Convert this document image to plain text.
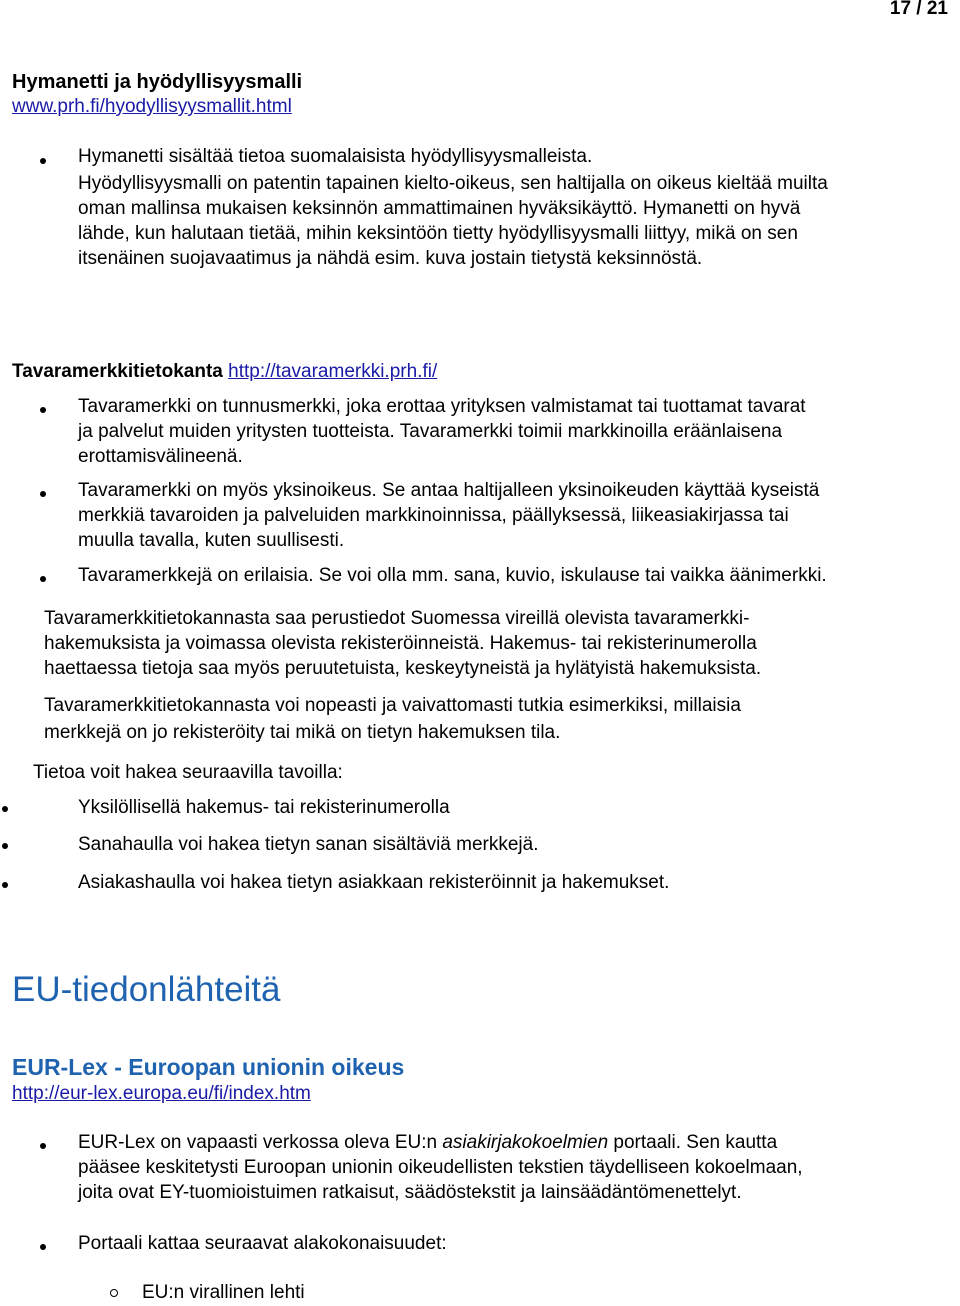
17 / 21
Hymanetti ja hyödyllisyysmalli
www.prh.fi/hyodyllisyysmallit.html
Hymanetti sisältää tietoa suomalaisista hyödyllisyysmalleista.
Hyödyllisyysmalli on patentin tapainen kielto-oikeus, sen haltijalla on oikeus kieltää muilta
oman mallinsa mukaisen keksinnön ammattimainen hyväksikäyttö. Hymanetti on hyvä
lähde, kun halutaan tietää, mihin keksintöön tietty hyödyllisyysmalli liittyy, mikä on sen
itsenäinen suojavaatimus ja nähdä esim. kuva jostain tietystä keksinnöstä.
Tavaramerkkitietokanta http://tavaramerkki.prh.fi/
Tavaramerkki on tunnusmerkki, joka erottaa yrityksen valmistamat tai tuottamat tavarat
ja palvelut muiden yritysten tuotteista. Tavaramerkki toimii markkinoilla eräänlaisena
erottamisvälineenä.
Tavaramerkki on myös yksinoikeus. Se antaa haltijalleen yksinoikeuden käyttää kyseistä
merkkiä tavaroiden ja palveluiden markkinoinnissa, päällyksessä, liikeasiakirjassa tai
muulla tavalla, kuten suullisesti.
Tavaramerkkejä on erilaisia. Se voi olla mm. sana, kuvio, iskulause tai vaikka äänimerkki.
Tavaramerkkitietokannasta saa perustiedot Suomessa vireillä olevista tavaramerkki-
hakemuksista ja voimassa olevista rekisteröinneistä. Hakemus- tai rekisterinumerolla
haettaessa tietoja saa myös peruutetuista, keskeytyneistä ja hylätyistä hakemuksista.
Tavaramerkkitietokannasta voi nopeasti ja vaivattomasti tutkia esimerkiksi, millaisia
merkkejä on jo rekisteröity tai mikä on tietyn hakemuksen tila.
Tietoa voit hakea seuraavilla tavoilla:
Yksilöllisellä hakemus- tai rekisterinumerolla
Sanahaulla voi hakea tietyn sanan sisältäviä merkkejä.
Asiakashaulla voi hakea tietyn asiakkaan rekisteröinnit ja hakemukset.
EU-tiedonlähteitä
EUR-Lex - Euroopan unionin oikeus
http://eur-lex.europa.eu/fi/index.htm
EUR-Lex on vapaasti verkossa oleva EU:n asiakirjakokoelmien portaali. Sen kautta
pääsee keskitetysti Euroopan unionin oikeudellisten tekstien täydelliseen kokoelmaan,
joita ovat EY-tuomioistuimen ratkaisut, säädöstekstit ja lainsäädäntömenettelyt.
Portaali kattaa seuraavat alakokonaisuudet:
EU:n virallinen lehti
